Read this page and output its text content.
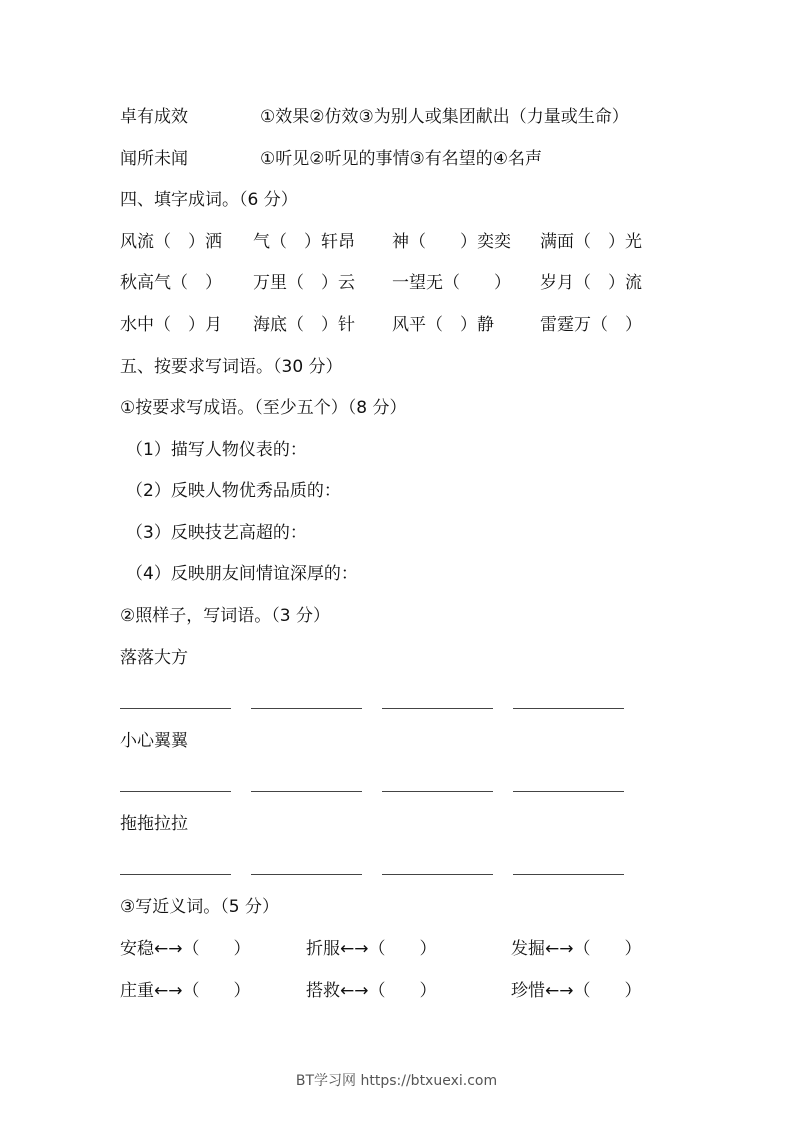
卓有成效	①效果②仿效③为别人或集团献出（力量或生命）
闻所未闻	①听见②听见的事情③有名望的④名声
四、填字成词。（6 分）
风流（　）洒 气（　）轩昂 神（　　）奕奕 满面（　）光
秋高气（　） 万里（　）云 一望无（　　） 岁月（　）流
水中（　）月 海底（　）针 风平（　）静	雷霆万（　）
五、按要求写词语。（30 分）
①按要求写成语。（至少五个）（8 分）
（1）描写人物仪表的：
（2）反映人物优秀品质的：
（3）反映技艺高超的：
（4）反映朋友间情谊深厚的：
②照样子，写词语。（3 分）
落落大方
小心翼翼
拖拖拉拉
③写近义词。（5 分）
安稳←→（　　）	折服←→（　　）	发掘←→（　　）
庄重←→（　　）	搭救←→（　　）	珍惜←→（　　）
BT学习网 https://btxuexi.com
